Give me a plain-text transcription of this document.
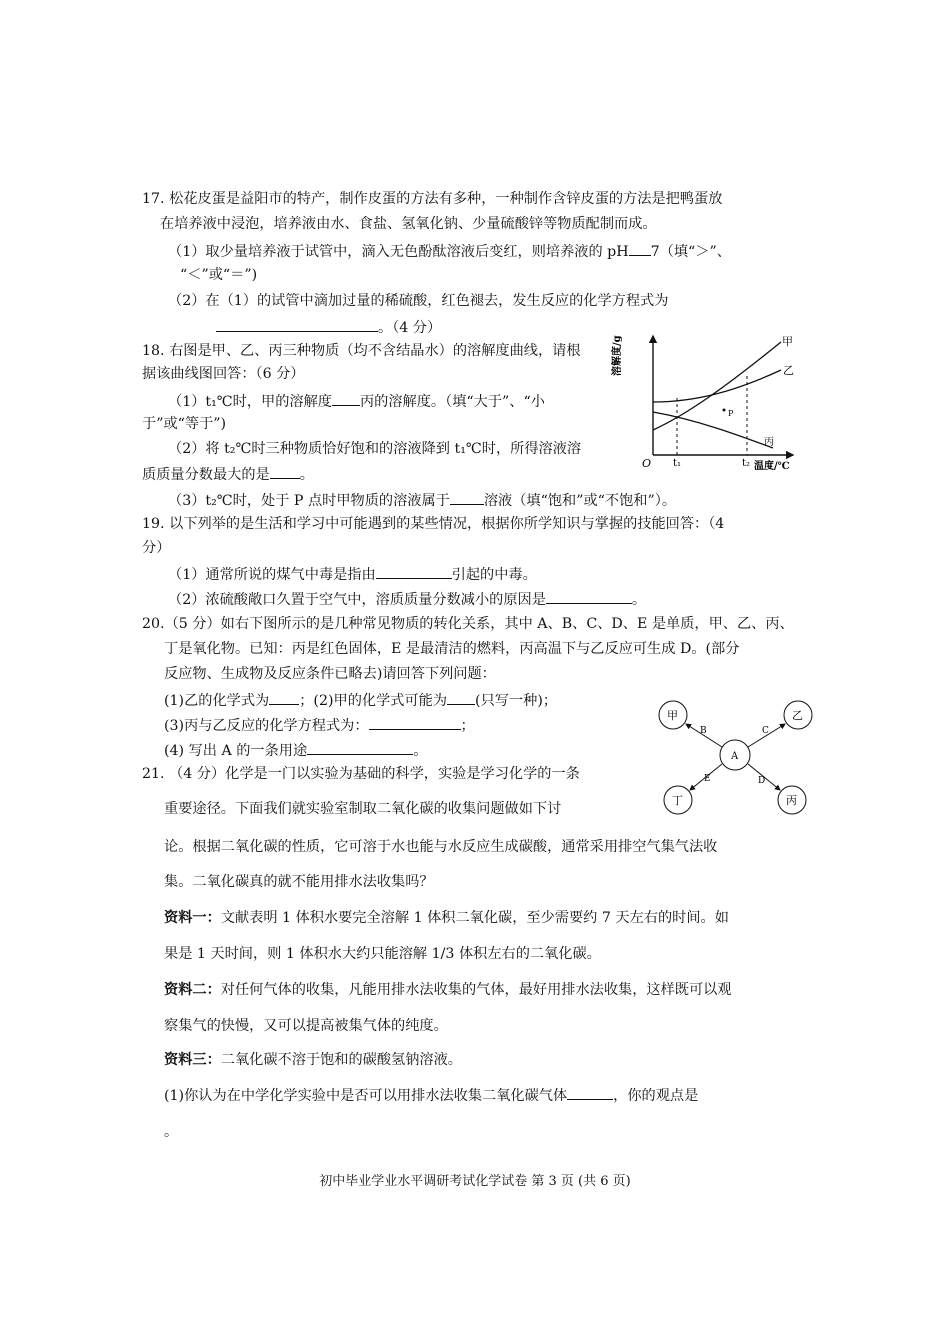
17. 松花皮蛋是益阳市的特产，制作皮蛋的方法有多种，一种制作含锌皮蛋的方法是把鸭蛋放
在培养液中浸泡，培养液由水、食盐、氢氧化钠、少量硫酸锌等物质配制而成。
（1）取少量培养液于试管中，滴入无色酚酞溶液后变红，则培养液的 pH 7（填“＞”、
“＜”或“＝”)
（2）在（1）的试管中滴加过量的稀硫酸，红色褪去，发生反应的化学方程式为
。（4 分）
18. 右图是甲、乙、丙三种物质（均不含结晶水）的溶解度曲线，请根
据该曲线图回答：（6 分）
（1）t₁℃时，甲的溶解度 丙的溶解度。（填“大于”、“小
于”或“等于”)
（2）将 t₂℃时三种物质恰好饱和的溶液降到 t₁℃时，所得溶液溶
质质量分数最大的是 。
（3）t₂℃时，处于 P 点时甲物质的溶液属于 溶液（填“饱和”或“不饱和”）。
溶解度/g
温度/℃
O t₁	t₂
P
甲
乙
丙
19. 以下列举的是生活和学习中可能遇到的某些情况，根据你所学知识与掌握的技能回答：（4
分）
（1）通常所说的煤气中毒是指由	引起的中毒。
（2）浓硫酸敞口久置于空气中，溶质质量分数减小的原因是	。
20.（5 分）如右下图所示的是几种常见物质的转化关系，其中 A、B、C、D、E 是单质，甲、乙、丙、
丁是氧化物。已知：丙是红色固体，E 是最清洁的燃料，丙高温下与乙反应可生成 D。(部分
反应物、生成物及反应条件已略去)请回答下列问题：
(1)乙的化学式为 ；(2)甲的化学式可能为 (只写一种)；
(3)丙与乙反应的化学方程式为：	；
(4) 写出 A 的一条用途	。
甲	乙
A
丁	丙
B	C
E	D
21. （4 分）化学是一门以实验为基础的科学，实验是学习化学的一条
重要途径。下面我们就实验室制取二氧化碳的收集问题做如下讨
论。根据二氧化碳的性质，它可溶于水也能与水反应生成碳酸，通常采用排空气集气法收
集。二氧化碳真的就不能用排水法收集吗？
资料一：文献表明 1 体积水要完全溶解 1 体积二氧化碳，至少需要约 7 天左右的时间。如
果是 1 天时间，则 1 体积水大约只能溶解 1/3 体积左右的二氧化碳。
资料二：对任何气体的收集，凡能用排水法收集的气体，最好用排水法收集，这样既可以观
察集气的快慢，又可以提高被集气体的纯度。
资料三：二氧化碳不溶于饱和的碳酸氢钠溶液。
(1)你认为在中学化学实验中是否可以用排水法收集二氧化碳气体	，你的观点是
。
初中毕业学业水平调研考试化学试卷 第 3 页 (共 6 页)
